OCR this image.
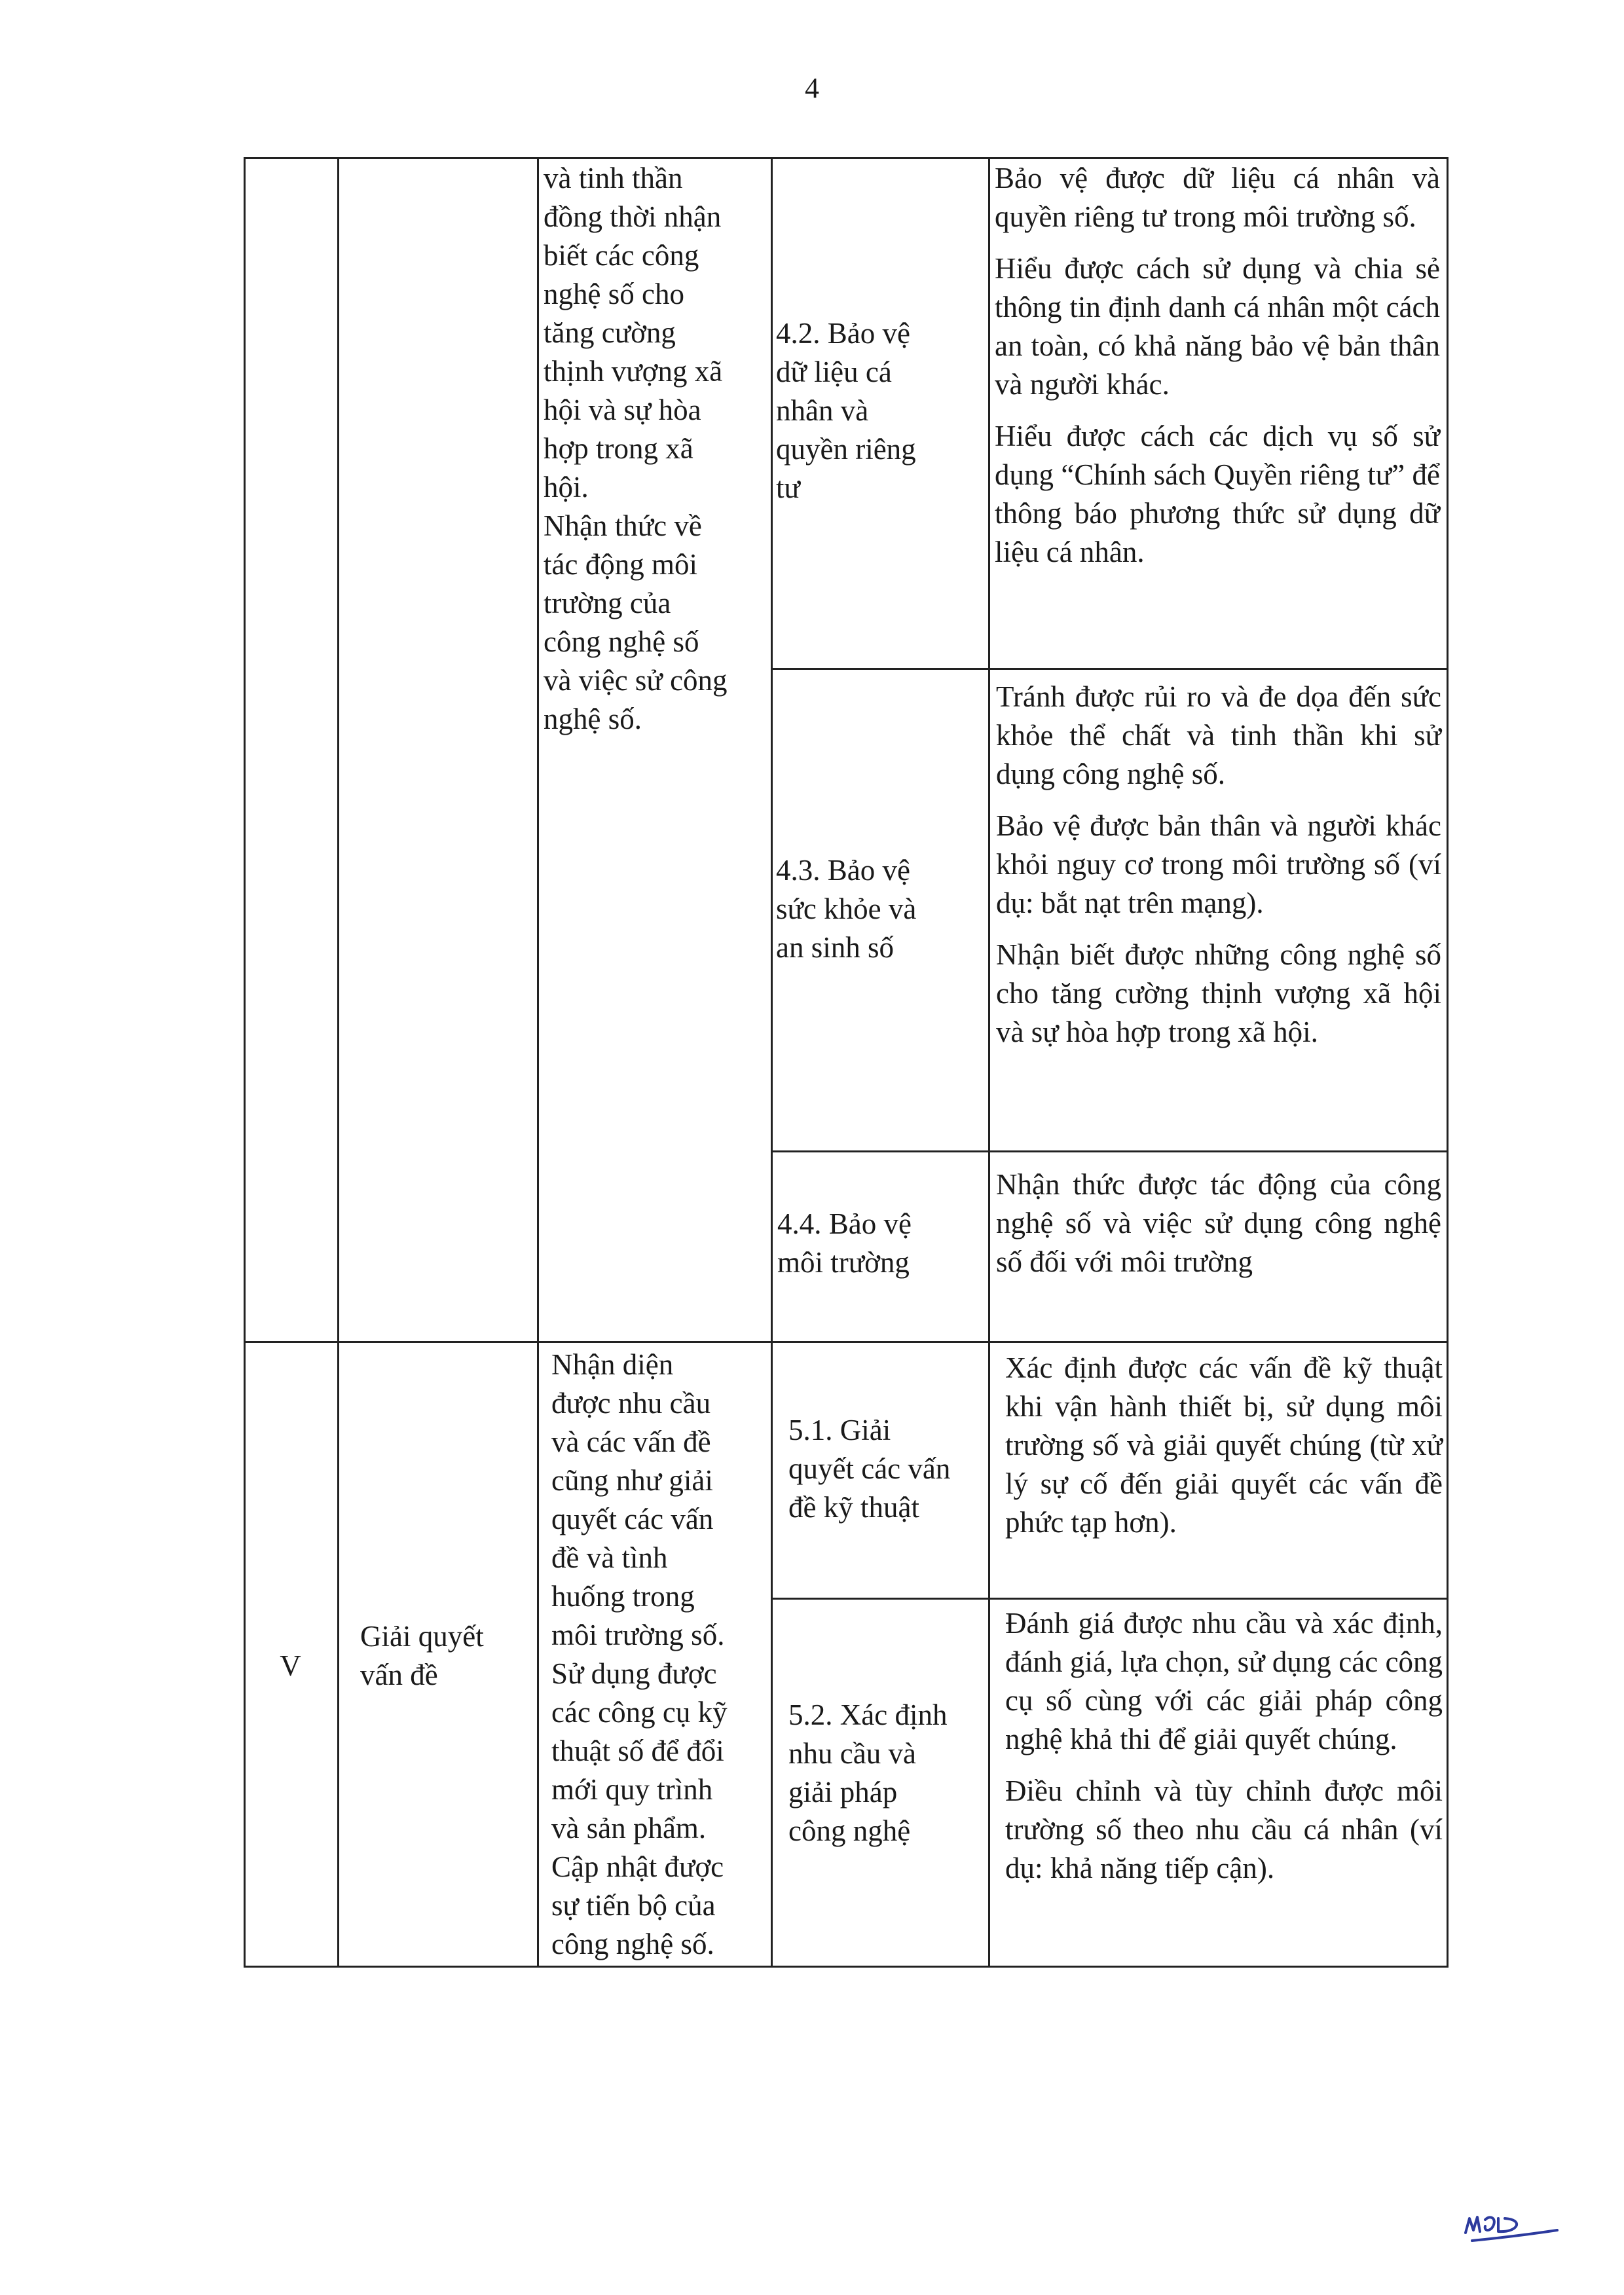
4

và tinh thần

đồng thời nhận

biết các công

nghệ số cho

tăng cường

thịnh vượng xã

hội và sự hòa

hợp trong xã

hội.

Nhận thức về

tác động môi

trường của

công nghệ số

và việc sử công

nghệ số.

4.2. Bảo vệ

dữ liệu cá

nhân và

quyền riêng

tư

Bảo vệ được dữ liệu cá nhân và quyền riêng tư trong môi trường số.

Hiểu được cách sử dụng và chia sẻ thông tin định danh cá nhân một cách an toàn, có khả năng bảo vệ bản thân và người khác.

Hiểu được cách các dịch vụ số sử dụng “Chính sách Quyền riêng tư” để thông báo phương thức sử dụng dữ liệu cá nhân.

4.3. Bảo vệ

sức khỏe và

an sinh số

Tránh được rủi ro và đe dọa đến sức khỏe thể chất và tinh thần khi sử dụng công nghệ số.

Bảo vệ được bản thân và người khác khỏi nguy cơ trong môi trường số (ví dụ: bắt nạt trên mạng).

Nhận biết được những công nghệ số cho tăng cường thịnh vượng xã hội và sự hòa hợp trong xã hội.

4.4. Bảo vệ

môi trường

Nhận thức được tác động của công nghệ số và việc sử dụng công nghệ số đối với môi trường

V

Giải quyết

vấn đề

Nhận diện

được nhu cầu

và các vấn đề

cũng như giải

quyết các vấn

đề và tình

huống trong

môi trường số.

Sử dụng được

các công cụ kỹ

thuật số để đổi

mới quy trình

và sản phẩm.

Cập nhật được

sự tiến bộ của

công nghệ số.

5.1. Giải

quyết các vấn

đề kỹ thuật

Xác định được các vấn đề kỹ thuật khi vận hành thiết bị, sử dụng môi trường số và giải quyết chúng (từ xử lý sự cố đến giải quyết các vấn đề phức tạp hơn).

5.2. Xác định

nhu cầu và

giải pháp

công nghệ

Đánh giá được nhu cầu và xác định, đánh giá, lựa chọn, sử dụng các công cụ số cùng với các giải pháp công nghệ khả thi để giải quyết chúng.

Điều chỉnh và tùy chỉnh được môi trường số theo nhu cầu cá nhân (ví dụ: khả năng tiếp cận).
